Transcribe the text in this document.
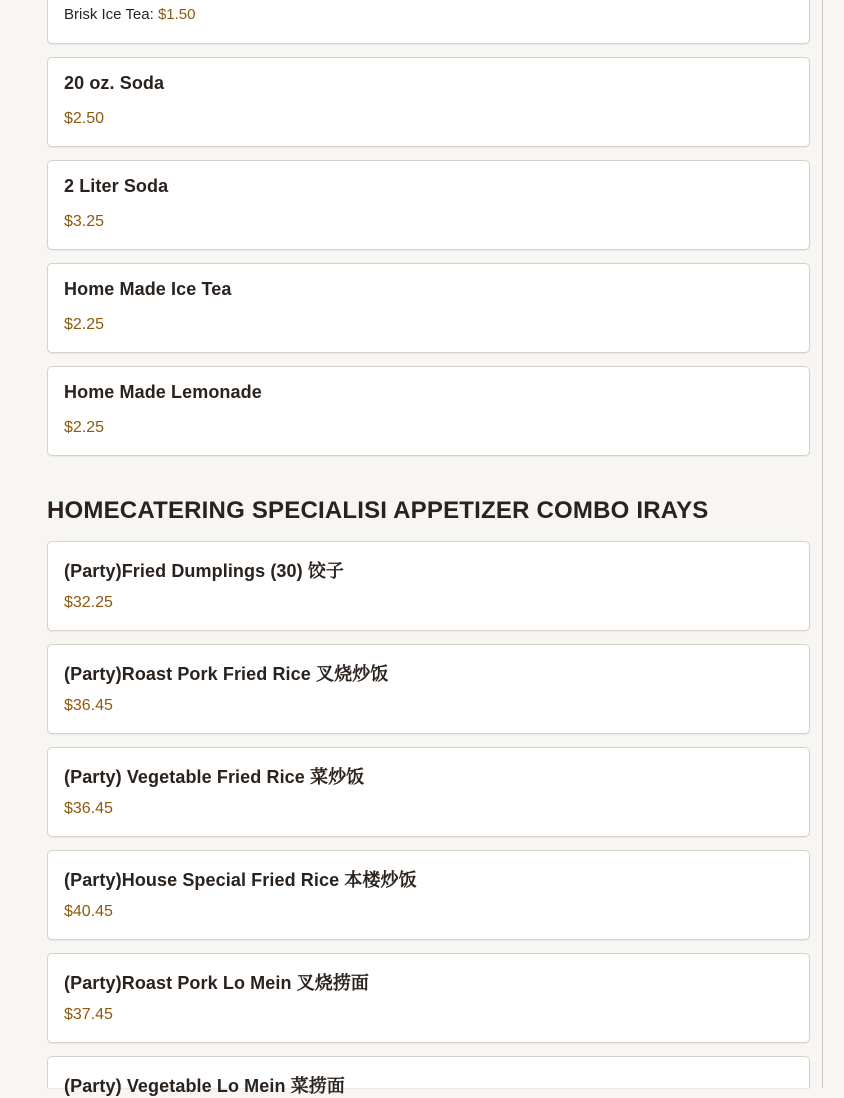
Brisk Ice Tea: $1.50
20 oz. Soda
$2.50
2 Liter Soda
$3.25
Home Made Ice Tea
$2.25
Home Made Lemonade
$2.25
HOMECATERING SPECIALISI APPETIZER COMBO IRAYS
(Party)Fried Dumplings (30) 饺子
$32.25
(Party)Roast Pork Fried Rice 叉烧炒饭
$36.45
(Party) Vegetable Fried Rice 菜炒饭
$36.45
(Party)House Special Fried Rice 本楼炒饭
$40.45
(Party)Roast Pork Lo Mein 叉烧捞面
$37.45
(Party) Vegetable Lo Mein 菜捞面
